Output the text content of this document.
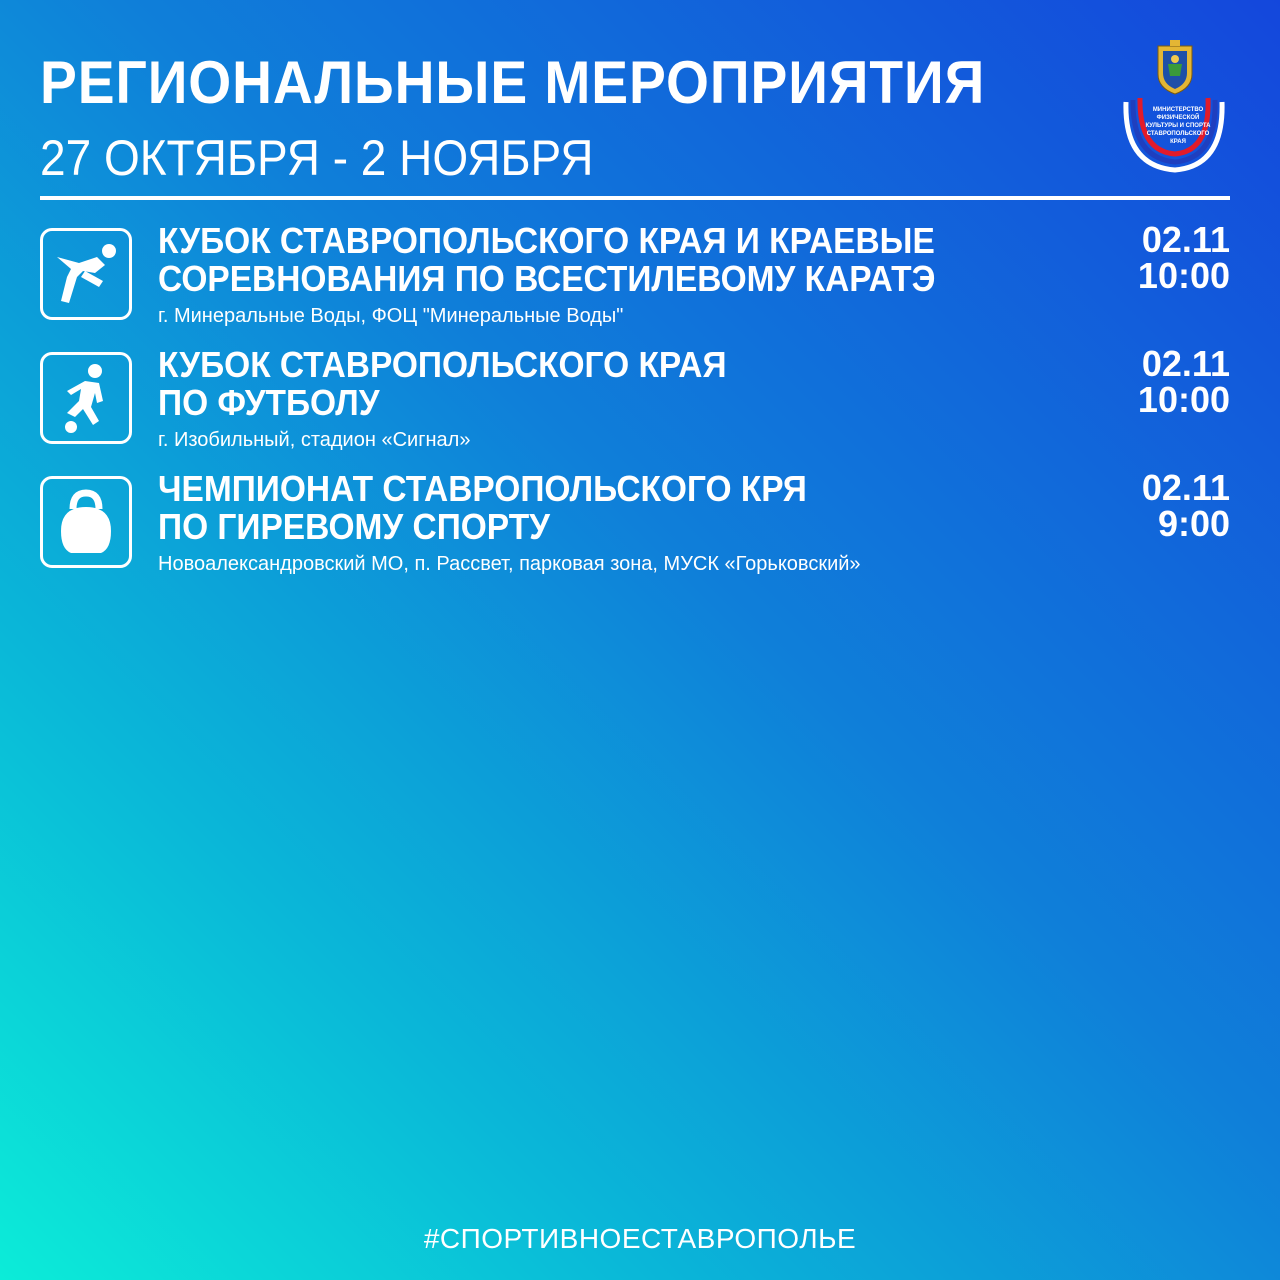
РЕГИОНАЛЬНЫЕ МЕРОПРИЯТИЯ
27 ОКТЯБРЯ - 2 НОЯБРЯ
МИНИСТЕРСТВО
ФИЗИЧЕСКОЙ
КУЛЬТУРЫ И СПОРТА
СТАВРОПОЛЬСКОГО
КРАЯ
КУБОК СТАВРОПОЛЬСКОГО КРАЯ И КРАЕВЫЕ
СОРЕВНОВАНИЯ ПО ВСЕСТИЛЕВОМУ КАРАТЭ
г. Минеральные Воды, ФОЦ "Минеральные Воды"
02.11
10:00
КУБОК СТАВРОПОЛЬСКОГО КРАЯ
ПО ФУТБОЛУ
г. Изобильный, стадион «Сигнал»
02.11
10:00
ЧЕМПИОНАТ СТАВРОПОЛЬСКОГО КРЯ
ПО ГИРЕВОМУ СПОРТУ
Новоалександровский МО, п. Рассвет, парковая зона, МУСК «Горьковский»
02.11
9:00
#СПОРТИВНОЕСТАВРОПОЛЬЕ
